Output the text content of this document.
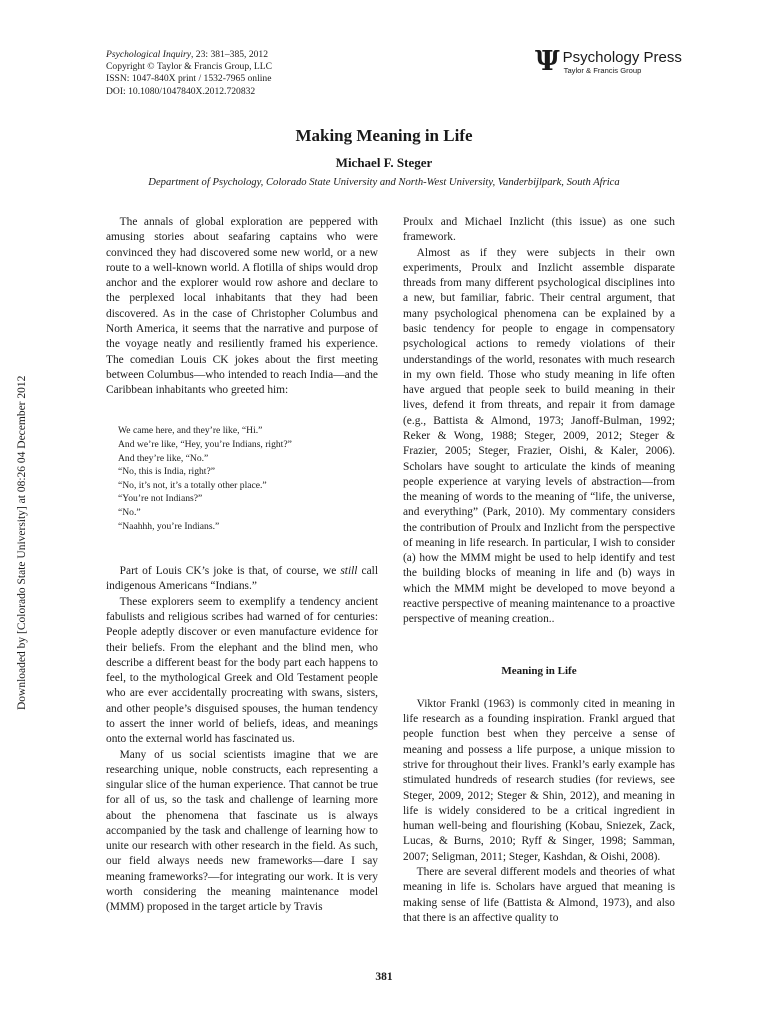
Psychological Inquiry, 23: 381–385, 2012
Copyright © Taylor & Francis Group, LLC
ISSN: 1047-840X print / 1532-7965 online
DOI: 10.1080/1047840X.2012.720832
Ψ Psychology Press
Taylor & Francis Group
Making Meaning in Life
Michael F. Steger
Department of Psychology, Colorado State University and North-West University, Vanderbijlpark, South Africa
Downloaded by [Colorado State University] at 08:26 04 December 2012

The annals of global exploration are peppered with amusing stories about seafaring captains who were convinced they had discovered some new world, or a new route to a well-known world. A flotilla of ships would drop anchor and the explorer would row ashore and declare to the perplexed local inhabitants that they had been discovered. As in the case of Christopher Columbus and North America, it seems that the narrative and purpose of the voyage neatly and resiliently framed his experience. The comedian Louis CK jokes about the first meeting between Columbus—who intended to reach India—and the Caribbean inhabitants who greeted him:

We came here, and they’re like, “Hi.”
And we’re like, “Hey, you’re Indians, right?”
And they’re like, “No.”
“No, this is India, right?”
“No, it’s not, it’s a totally other place.”
“You’re not Indians?”
“No.”
“Naahhh, you’re Indians.”

Part of Louis CK’s joke is that, of course, we still call indigenous Americans “Indians.”

These explorers seem to exemplify a tendency ancient fabulists and religious scribes had warned of for centuries: People adeptly discover or even manufacture evidence for their beliefs. From the elephant and the blind men, who describe a different beast for the body part each happens to feel, to the mythological Greek and Old Testament people who are ever accidentally procreating with swans, sisters, and other people’s disguised spouses, the human tendency to assert the inner world of beliefs, ideas, and meanings onto the external world has fascinated us.

Many of us social scientists imagine that we are researching unique, noble constructs, each representing a singular slice of the human experience. That cannot be true for all of us, so the task and challenge of learning more about the phenomena that fascinate us is always accompanied by the task and challenge of learning how to unite our research with other research in the field. As such, our field always needs new frameworks—dare I say meaning frameworks?—for integrating our work. It is very worth considering the meaning maintenance model (MMM) proposed in the target article by Travis

Proulx and Michael Inzlicht (this issue) as one such framework.

Almost as if they were subjects in their own experiments, Proulx and Inzlicht assemble disparate threads from many different psychological disciplines into a new, but familiar, fabric. Their central argument, that many psychological phenomena can be explained by a basic tendency for people to engage in compensatory psychological actions to remedy violations of their understandings of the world, resonates with much research in my own field. Those who study meaning in life often have argued that people seek to build meaning in their lives, defend it from threats, and repair it from damage (e.g., Battista & Almond, 1973; Janoff-Bulman, 1992; Reker & Wong, 1988; Steger, 2009, 2012; Steger & Frazier, 2005; Steger, Frazier, Oishi, & Kaler, 2006). Scholars have sought to articulate the kinds of meaning people experience at varying levels of abstraction—from the meaning of words to the meaning of “life, the universe, and everything” (Park, 2010). My commentary considers the contribution of Proulx and Inzlicht from the perspective of meaning in life research. In particular, I wish to consider (a) how the MMM might be used to help identify and test the building blocks of meaning in life and (b) ways in which the MMM might be developed to move beyond a reactive perspective of meaning maintenance to a proactive perspective of meaning creation..

Meaning in Life

Viktor Frankl (1963) is commonly cited in meaning in life research as a founding inspiration. Frankl argued that people function best when they perceive a sense of meaning and possess a life purpose, a unique mission to strive for throughout their lives. Frankl’s early example has stimulated hundreds of research studies (for reviews, see Steger, 2009, 2012; Steger & Shin, 2012), and meaning in life is widely considered to be a critical ingredient in human well-being and flourishing (Kobau, Sniezek, Zack, Lucas, & Burns, 2010; Ryff & Singer, 1998; Samman, 2007; Seligman, 2011; Steger, Kashdan, & Oishi, 2008).

There are several different models and theories of what meaning in life is. Scholars have argued that meaning is making sense of life (Battista & Almond, 1973), and also that there is an affective quality to

381
